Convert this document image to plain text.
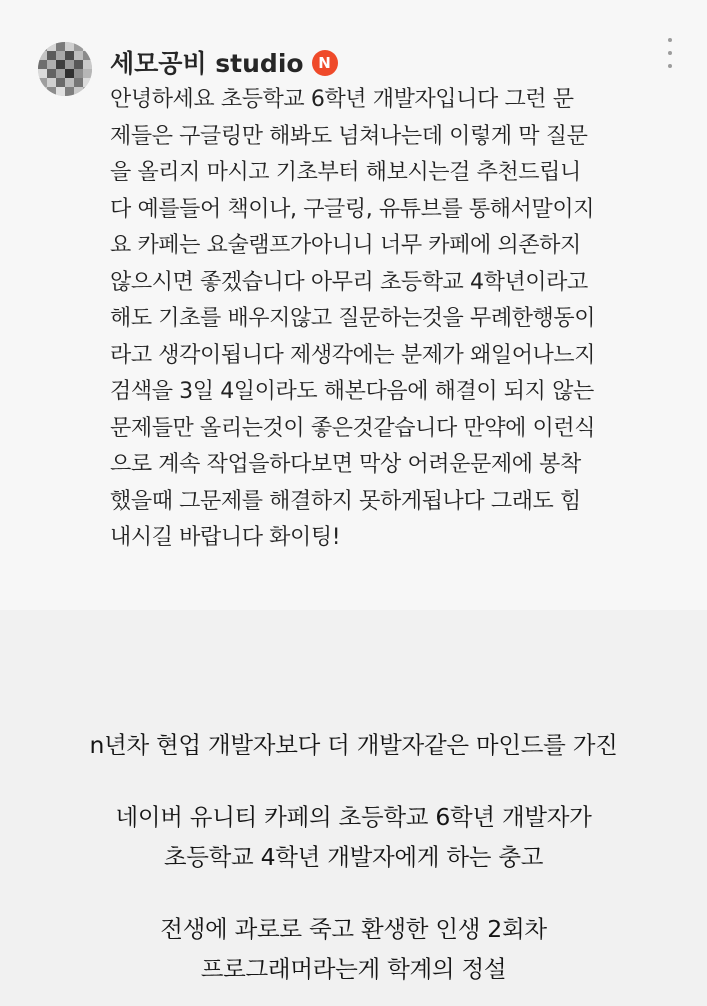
세모공비 studio N
안녕하세요 초등학교 6학년 개발자입니다 그런 문
제들은 구글링만 해봐도 넘쳐나는데 이렇게 막 질문
을 올리지 마시고 기초부터 해보시는걸 추천드립니
다 예를들어 책이나, 구글링, 유튜브를 통해서말이지
요 카페는 요술램프가아니니 너무 카페에 의존하지
않으시면 좋겠습니다 아무리 초등학교 4학년이라고
해도 기초를 배우지않고 질문하는것을 무례한행동이
라고 생각이됩니다 제생각에는 분제가 왜일어나느지
검색을 3일 4일이라도 해본다음에 해결이 되지 않는
문제들만 올리는것이 좋은것같습니다 만약에 이런식
으로 계속 작업을하다보면 막상 어려운문제에 봉착
했을때 그문제를 해결하지 못하게됩나다 그래도 힘
내시길 바랍니다 화이팅!
n년차 현업 개발자보다 더 개발자같은 마인드를 가진
네이버 유니티 카페의 초등학교 6학년 개발자가
초등학교 4학년 개발자에게 하는 충고
전생에 과로로 죽고 환생한 인생 2회차
프로그래머라는게 학계의 정설
